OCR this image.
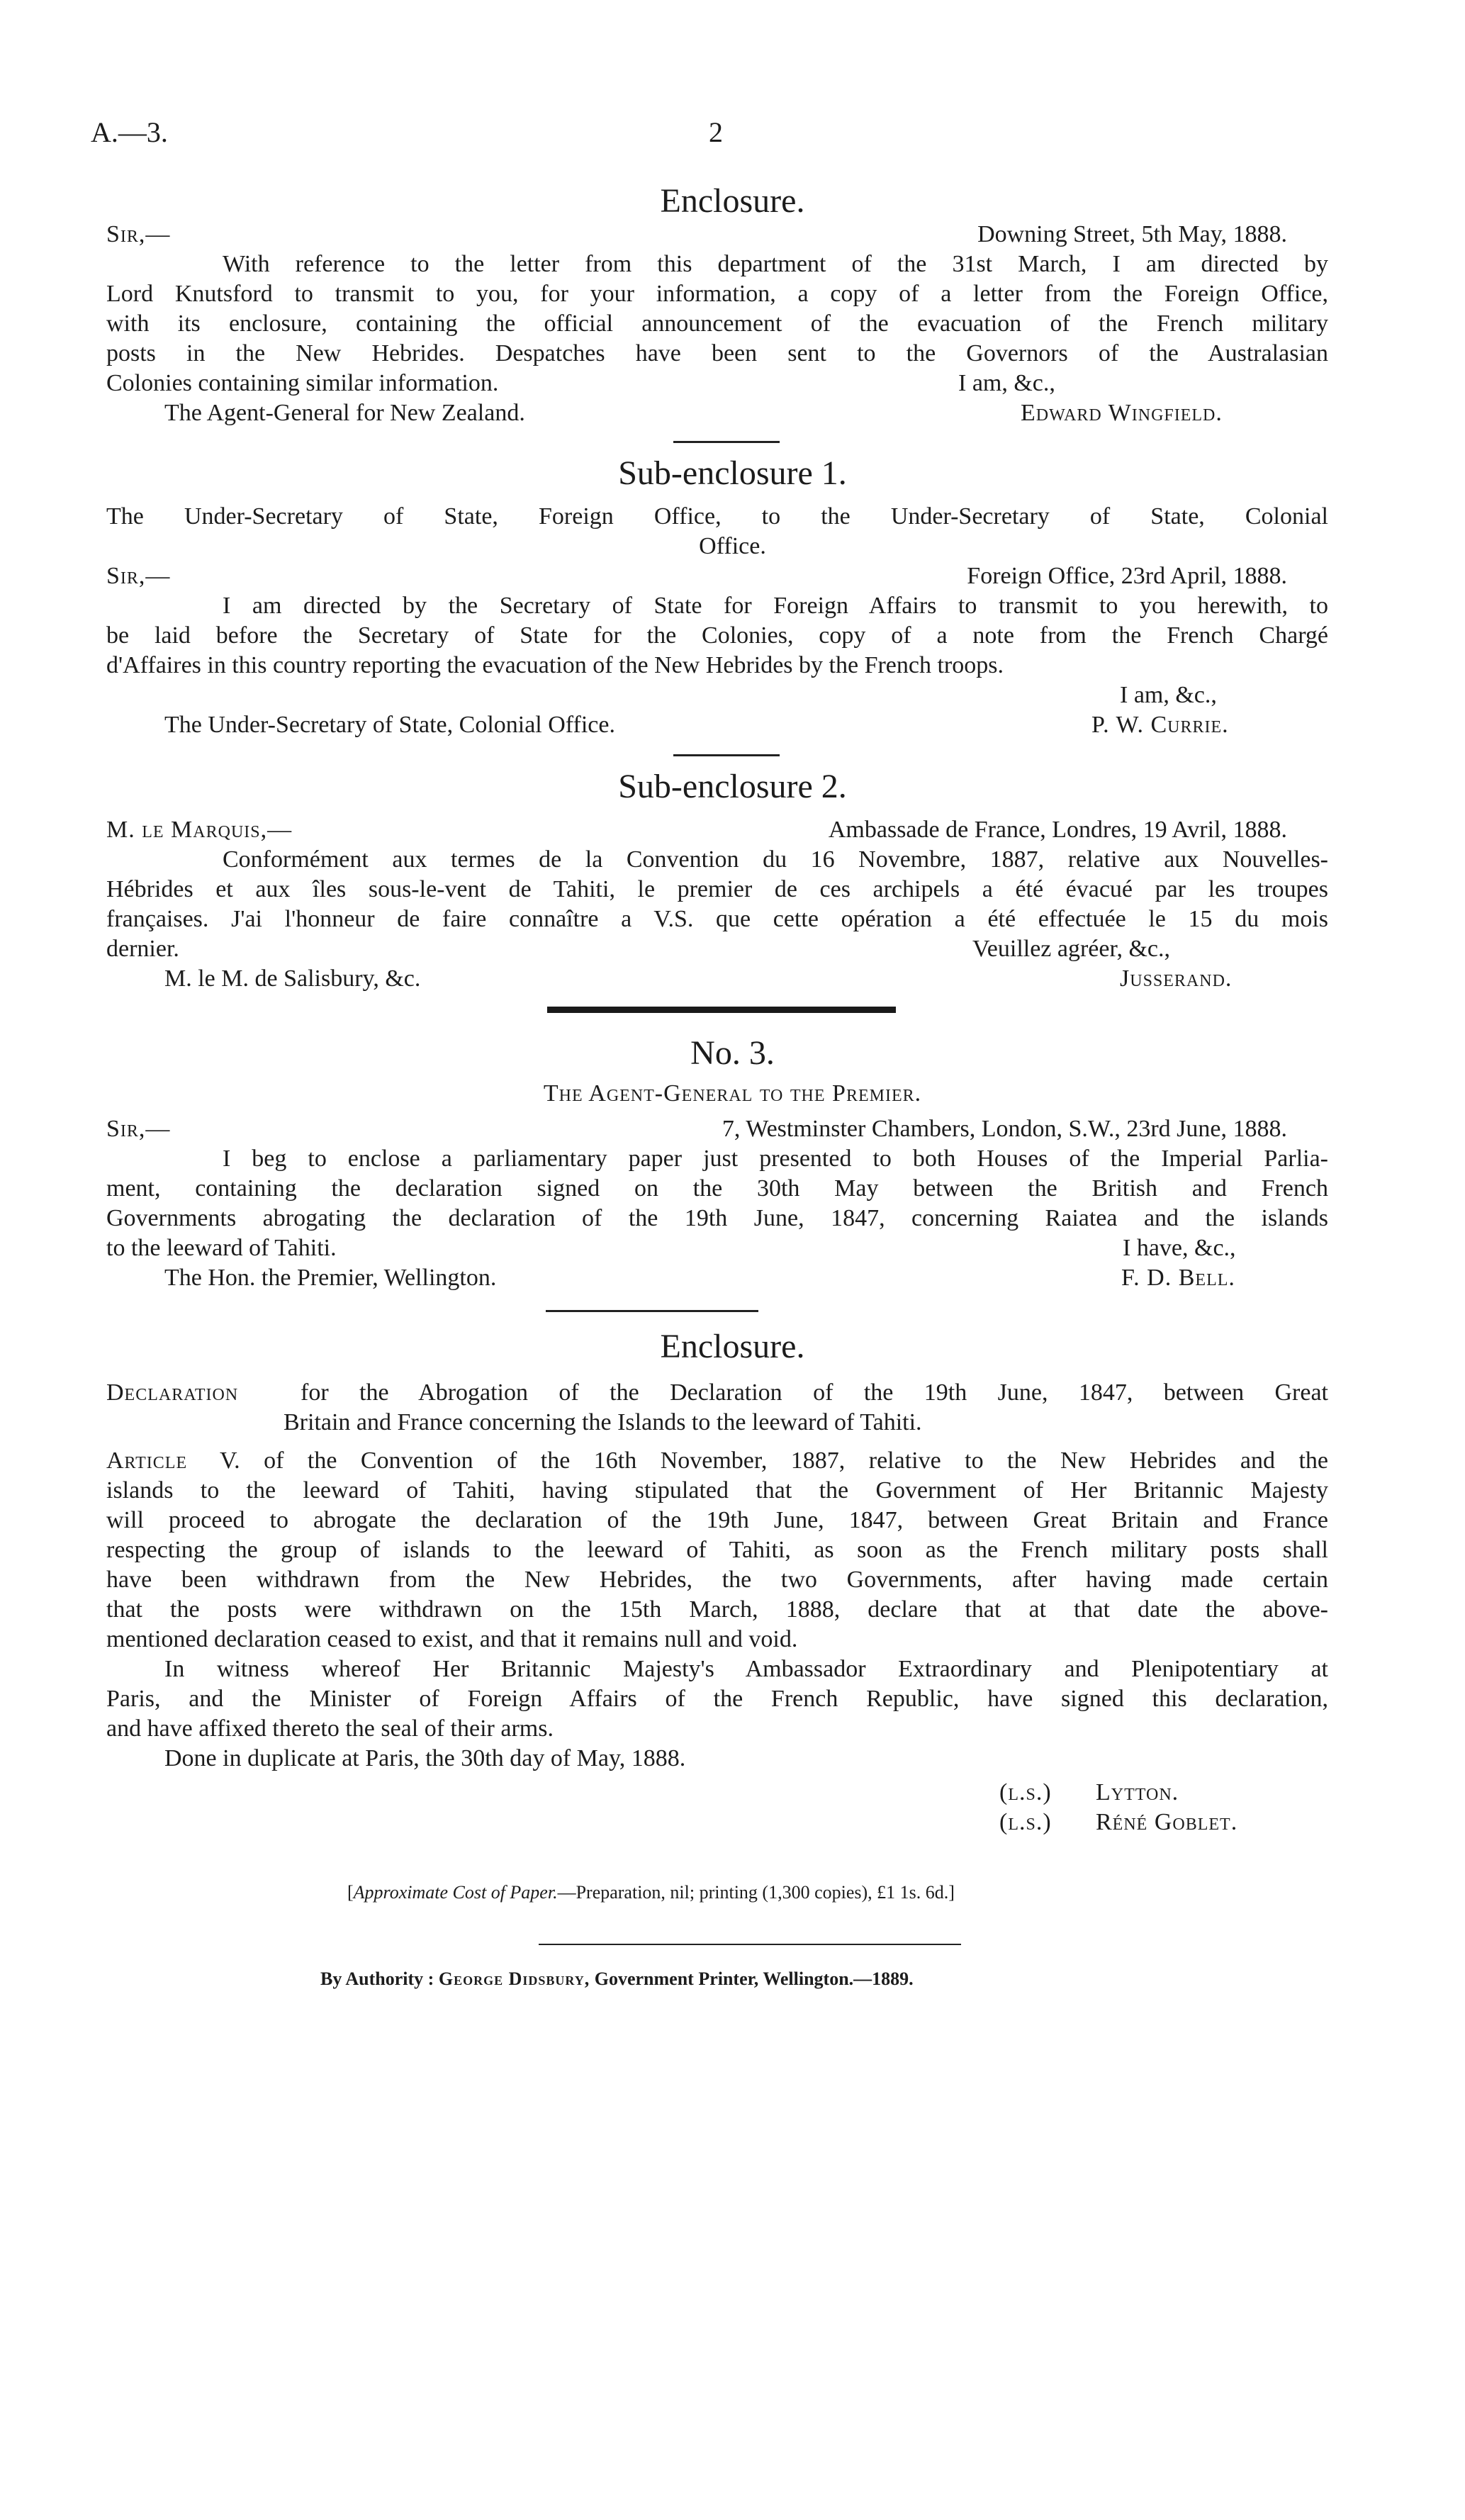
A.—3.	2
Enclosure.
Sir,—	Downing Street, 5th May, 1888.
With reference to the letter from this department of the 31st March, I am directed by
Lord Knutsford to transmit to you, for your information, a copy of a letter from the Foreign Office,
with its enclosure, containing the official announcement of the evacuation of the French military
posts in the New Hebrides. Despatches have been sent to the Governors of the Australasian
Colonies containing similar information.	I am, &c.,
The Agent-General for New Zealand.	Edward Wingfield.
Sub-enclosure 1.
The Under-Secretary of State, Foreign Office, to the Under-Secretary of State, Colonial
Office.
Sir,—	Foreign Office, 23rd April, 1888.
I am directed by the Secretary of State for Foreign Affairs to transmit to you herewith, to
be laid before the Secretary of State for the Colonies, copy of a note from the French Chargé
d'Affaires in this country reporting the evacuation of the New Hebrides by the French troops.
I am, &c.,
The Under-Secretary of State, Colonial Office.	P. W. Currie.
Sub-enclosure 2.
M. le Marquis,—	Ambassade de France, Londres, 19 Avril, 1888.
Conformément aux termes de la Convention du 16 Novembre, 1887, relative aux Nouvelles-
Hébrides et aux îles sous-le-vent de Tahiti, le premier de ces archipels a été évacué par les troupes
françaises. J'ai l'honneur de faire connaître a V.S. que cette opération a été effectuée le 15 du mois
dernier.	Veuillez agréer, &c.,
M. le M. de Salisbury, &c.	Jusserand.
No. 3.
The Agent-General to the Premier.
Sir,—	7, Westminster Chambers, London, S.W., 23rd June, 1888.
I beg to enclose a parliamentary paper just presented to both Houses of the Imperial Parlia-
ment, containing the declaration signed on the 30th May between the British and French
Governments abrogating the declaration of the 19th June, 1847, concerning Raiatea and the islands
to the leeward of Tahiti.	I have, &c.,
The Hon. the Premier, Wellington.	F. D. Bell.
Enclosure.
Declaration	for the Abrogation of the Declaration of the 19th June, 1847, between Great
Britain and France concerning the Islands to the leeward of Tahiti.
Article V. of the Convention of the 16th November, 1887, relative to the New Hebrides and the
islands to the leeward of Tahiti, having stipulated that the Government of Her Britannic Majesty
will proceed to abrogate the declaration of the 19th June, 1847, between Great Britain and France
respecting the group of islands to the leeward of Tahiti, as soon as the French military posts shall
have been withdrawn from the New Hebrides, the two Governments, after having made certain
that the posts were withdrawn on the 15th March, 1888, declare that at that date the above-
mentioned declaration ceased to exist, and that it remains null and void.
In witness whereof Her Britannic Majesty's Ambassador Extraordinary and Plenipotentiary at
Paris, and the Minister of Foreign Affairs of the French Republic, have signed this declaration,
and have affixed thereto the seal of their arms.
Done in duplicate at Paris, the 30th day of May, 1888.
(l.s.) Lytton.
(l.s.) Réné Goblet.
[Approximate Cost of Paper.—Preparation, nil; printing (1,300 copies), £1 1s. 6d.]
By Authority : George Didsbury, Government Printer, Wellington.—1889.
